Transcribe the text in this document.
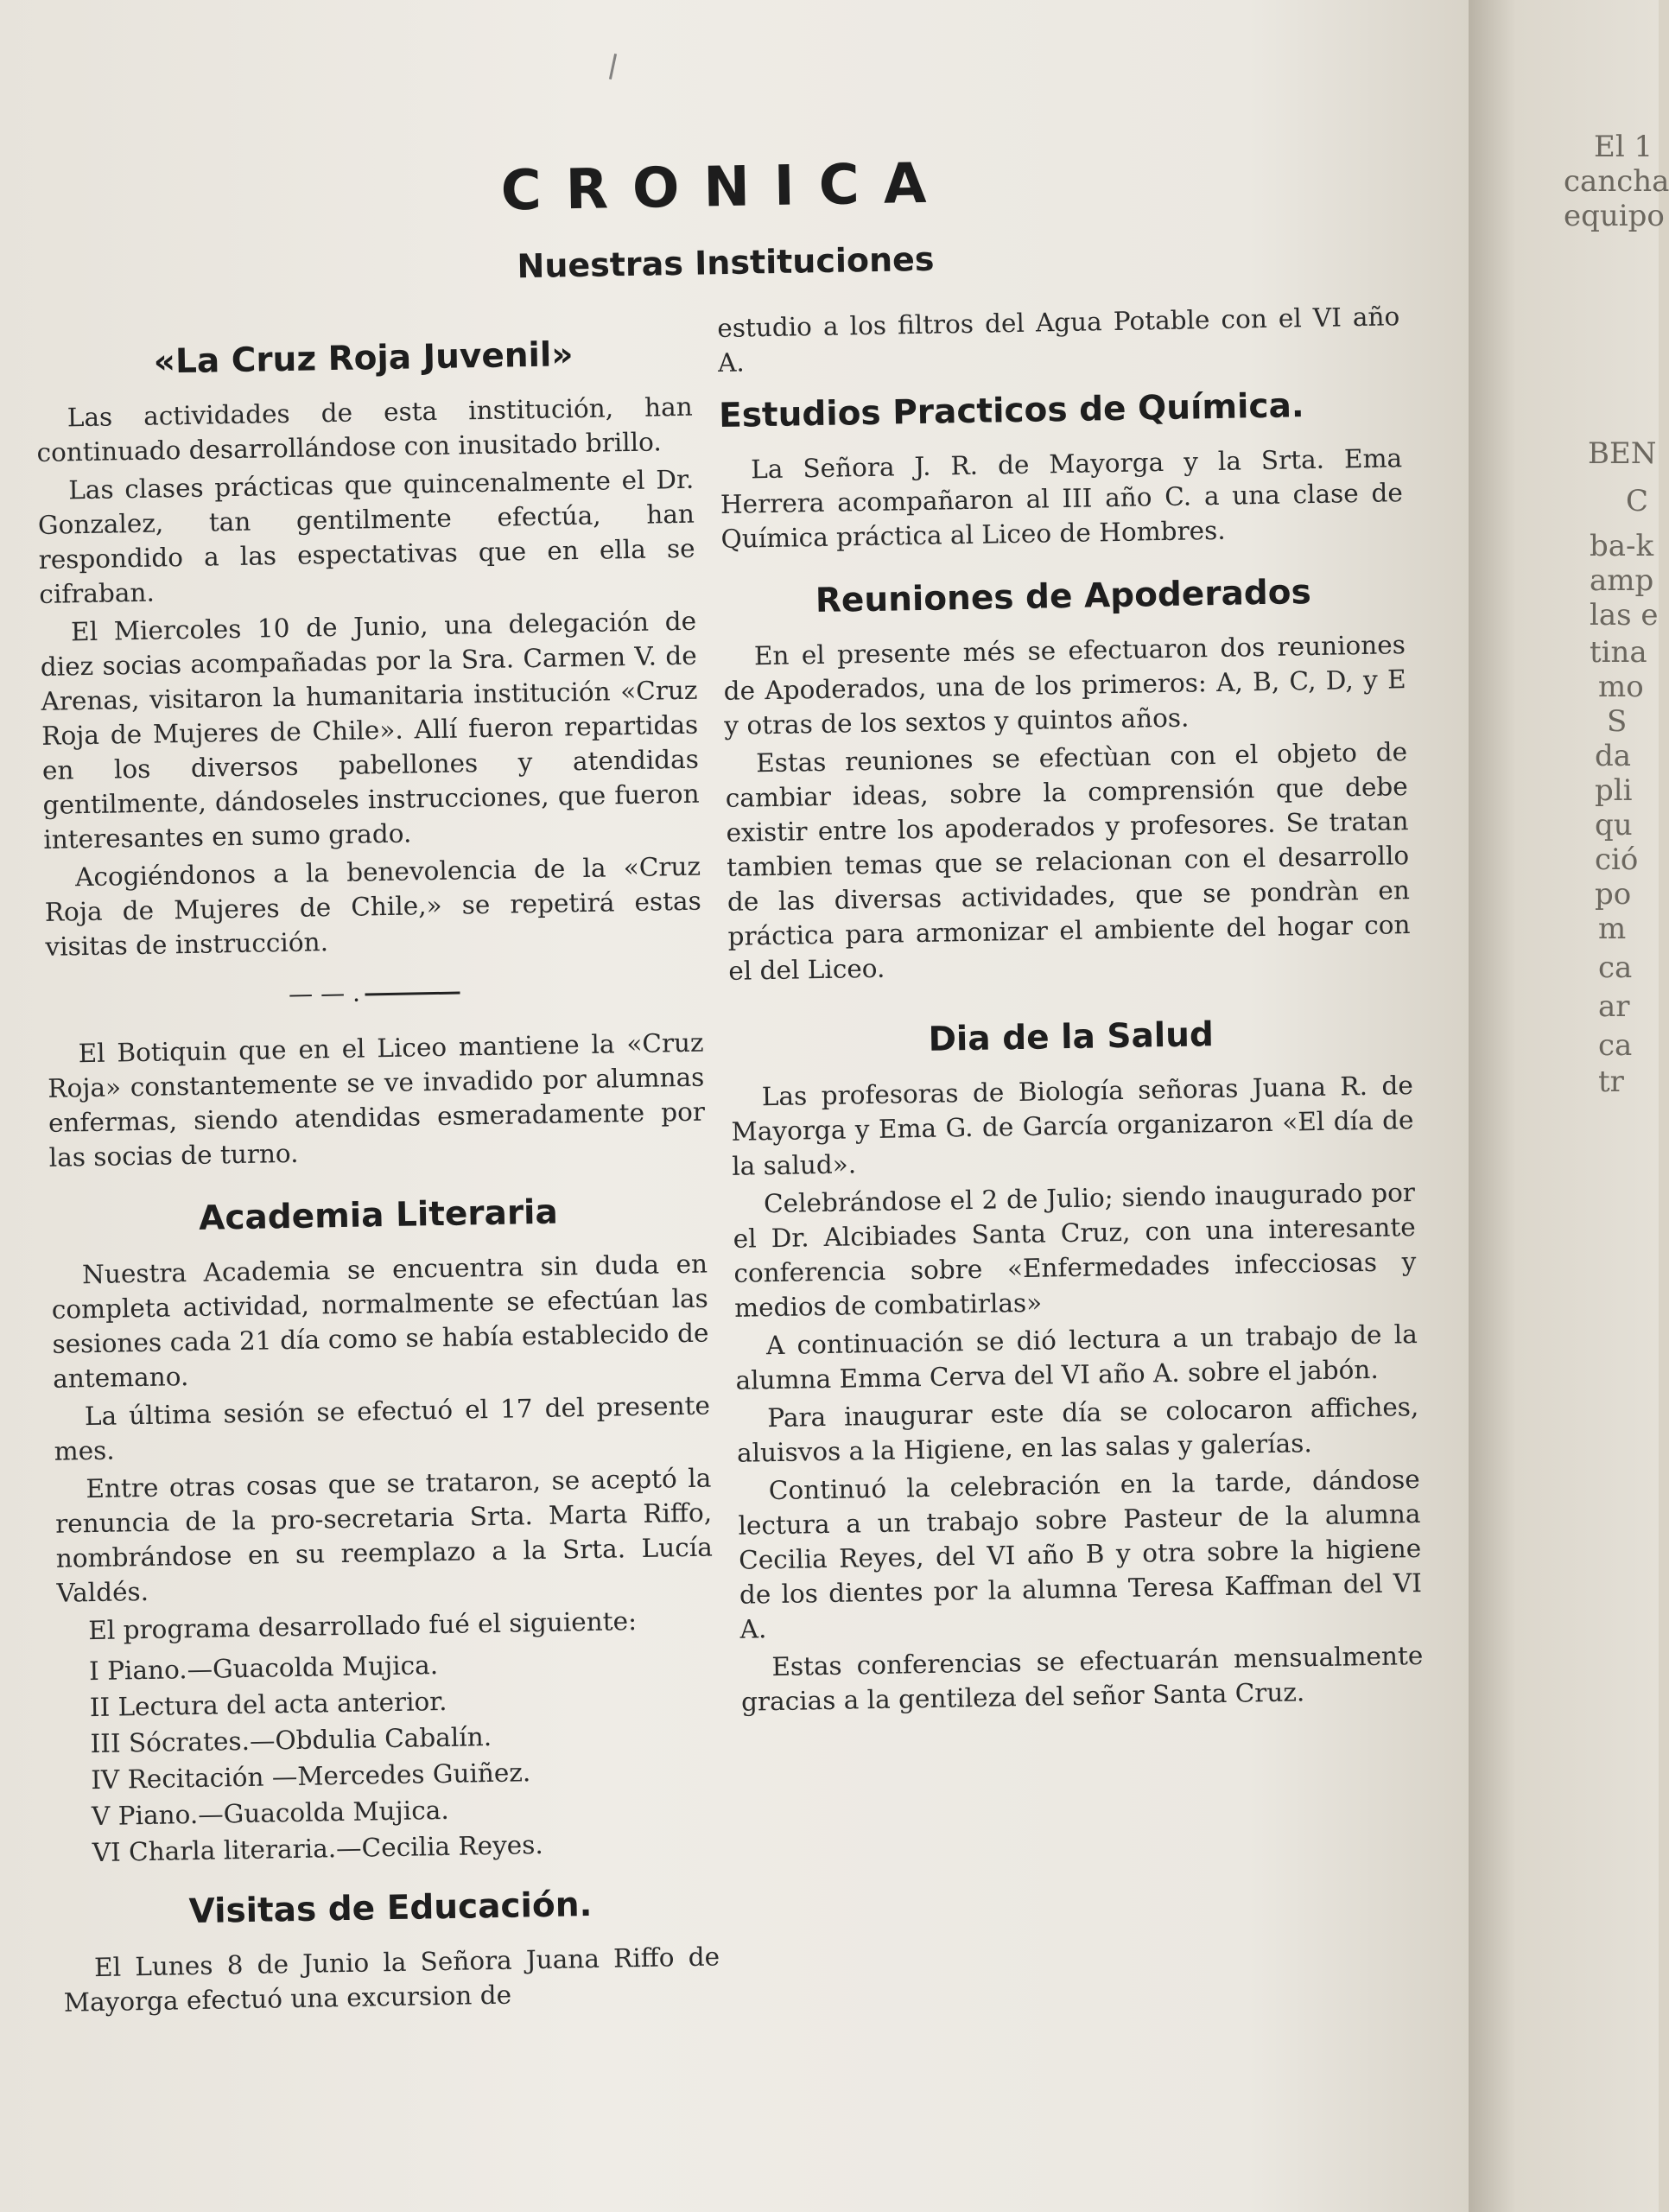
CRONICA
Nuestras Instituciones
«La Cruz Roja Juvenil»

Las actividades de esta institución, han continuado desarrollándose con inusitado brillo.

Las clases prácticas que quincenalmente el Dr. Gonzalez, tan gentilmente efectúa, han respondido a las espectativas que en ella se cifraban.

El Miercoles 10 de Junio, una delegación de diez socias acompañadas por la Sra. Carmen V. de Arenas, visitaron la humanitaria institución «Cruz Roja de Mujeres de Chile». Allí fueron repartidas en los diversos pabellones y atendidas gentilmente, dándoseles instrucciones, que fueron interesantes en sumo grado.

Acogiéndonos a la benevolencia de la «Cruz Roja de Mujeres de Chile,» se repetirá estas visitas de instrucción.

— — .

El Botiquin que en el Liceo mantiene la «Cruz Roja» constantemente se ve invadido por alumnas enfermas, siendo atendidas esmeradamente por las socias de turno.

Academia Literaria

Nuestra Academia se encuentra sin duda en completa actividad, normalmente se efectúan las sesiones cada 21 día como se había establecido de antemano.

La última sesión se efectuó el 17 del presente mes.

Entre otras cosas que se trataron, se aceptó la renuncia de la pro-secretaria Srta. Marta Riffo, nombrándose en su reemplazo a la Srta. Lucía Valdés.

El programa desarrollado fué el siguiente:

I Piano.—Guacolda Mujica.
II Lectura del acta anterior.
III Sócrates.—Obdulia Cabalín.
IV Recitación —Mercedes Guiñez.
V Piano.—Guacolda Mujica.
VI Charla literaria.—Cecilia Reyes.
Visitas de Educación.

El Lunes 8 de Junio la Señora Juana Riffo de Mayorga efectuó una excursion de

estudio a los filtros del Agua Potable con el VI año A.

Estudios Practicos de Química.

La Señora J. R. de Mayorga y la Srta. Ema Herrera acompañaron al III año C. a una clase de Química práctica al Liceo de Hombres.

Reuniones de Apoderados

En el presente més se efectuaron dos reuniones de Apoderados, una de los primeros: A, B, C, D, y E y otras de los sextos y quintos años.

Estas reuniones se efectùan con el objeto de cambiar ideas, sobre la comprensión que debe existir entre los apoderados y profesores. Se tratan tambien temas que se relacionan con el desarrollo de las diversas actividades, que se pondràn en práctica para armonizar el ambiente del hogar con el del Liceo.

Dia de la Salud

Las profesoras de Biología señoras Juana R. de Mayorga y Ema G. de García organizaron «El día de la salud».

Celebrándose el 2 de Julio; siendo inaugurado por el Dr. Alcibiades Santa Cruz, con una interesante conferencia sobre «Enfermedades infecciosas y medios de combatirlas»

A continuación se dió lectura a un trabajo de la alumna Emma Cerva del VI año A. sobre el jabón.

Para inaugurar este día se colocaron affiches, aluisvos a la Higiene, en las salas y galerías.

Continuó la celebración en la tarde, dándose lectura a un trabajo sobre Pasteur de la alumna Cecilia Reyes, del VI año B y otra sobre la higiene de los dientes por la alumna Teresa Kaffman del VI A.

Estas conferencias se efectuarán mensualmente gracias a la gentileza del señor Santa Cruz.

El 1
cancha
equipo
BEN
C
ba-k
amp
las e
tina
mo
S
da
pli
qu
ció
po
m
ca
ar
ca
tr
